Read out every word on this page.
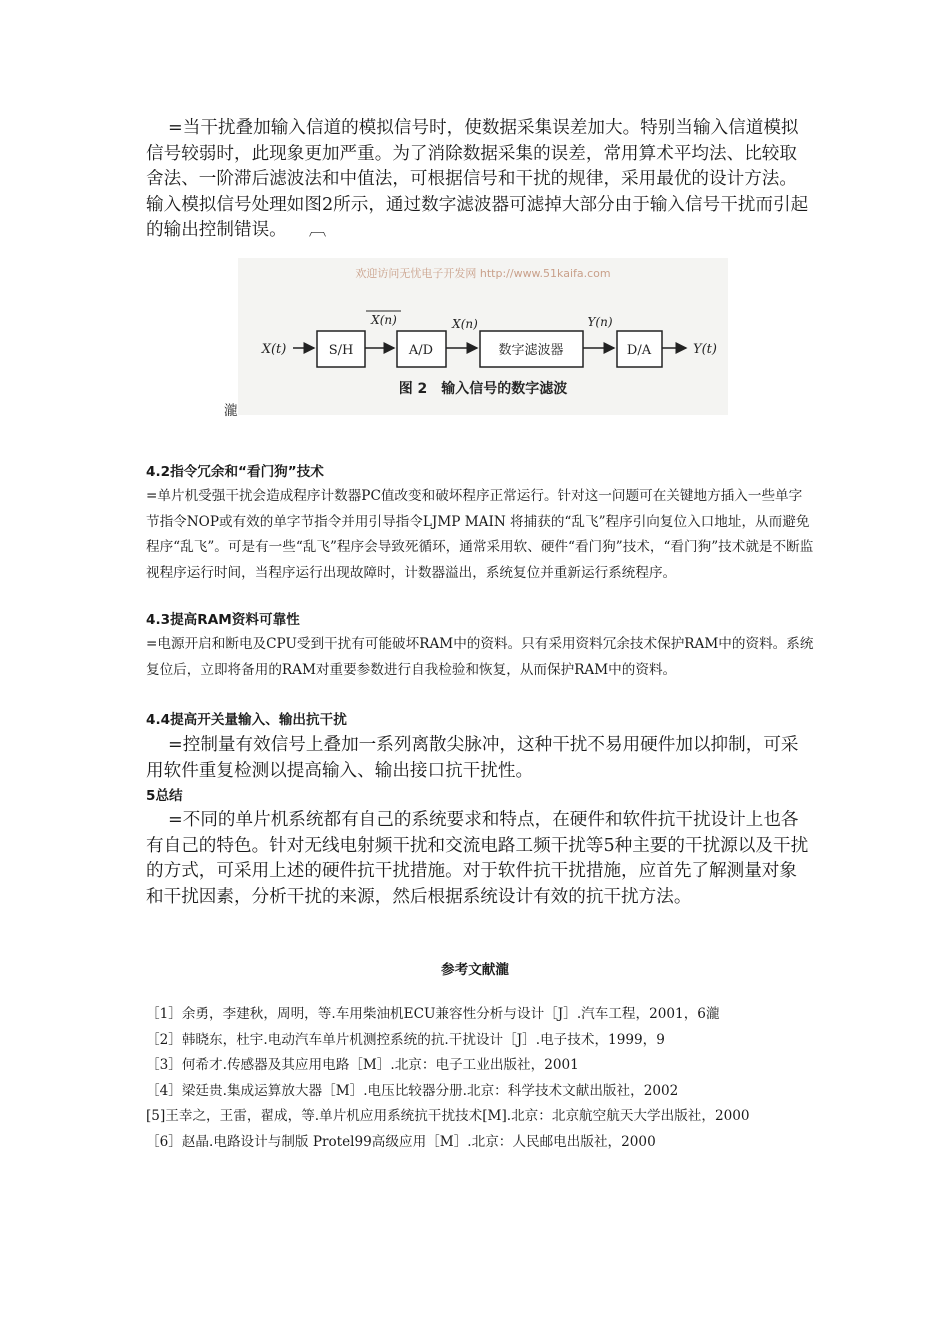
=当干扰叠加输入信道的模拟信号时，使数据采集误差加大。特别当输入信道模拟信号较弱时，此现象更加严重。为了消除数据采集的误差，常用算术平均法、比较取舍法、一阶滞后滤波法和中值法，可根据信号和干扰的规律，采用最优的设计方法。输入模拟信号处理如图2所示，通过数字滤波器可滤掉大部分由于输入信号干扰而引起的输出控制错误。 ︹

欢迎访问无忧电子开发网 http://www.51kaifa.com
X(t)	S/H
X(n)
A/D
X(n)
数字滤波器
Y(n)
D/A	Y(t)
图 2　输入信号的数字滤波
瀧
4.2指令冗余和“看门狗”技术

=单片机受强干扰会造成程序计数器PC值改变和破坏程序正常运行。针对这一问题可在关键地方插入一些单字节指令NOP或有效的单字节指令并用引导指令LJMP MAIN 将捕获的“乱飞”程序引向复位入口地址，从而避免程序“乱飞”。可是有一些“乱飞”程序会导致死循环，通常采用软、硬件“看门狗”技术，“看门狗”技术就是不断监视程序运行时间，当程序运行出现故障时，计数器溢出，系统复位并重新运行系统程序。

4.3提高RAM资料可靠性

=电源开启和断电及CPU受到干扰有可能破坏RAM中的资料。只有采用资料冗余技术保护RAM中的资料。系统复位后，立即将备用的RAM对重要参数进行自我检验和恢复，从而保护RAM中的资料。

4.4提高开关量输入、输出抗干扰

=控制量有效信号上叠加一系列离散尖脉冲，这种干扰不易用硬件加以抑制，可采用软件重复检测以提高输入、输出接口抗干扰性。

5总结

=不同的单片机系统都有自己的系统要求和特点，在硬件和软件抗干扰设计上也各有自己的特色。针对无线电射频干扰和交流电路工频干扰等5种主要的干扰源以及干扰的方式，可采用上述的硬件抗干扰措施。对于软件抗干扰措施，应首先了解测量对象和干扰因素，分析干扰的来源，然后根据系统设计有效的抗干扰方法。

参考文献瀧

［1］余勇，李建秋，周明，等.车用柴油机ECU兼容性分析与设计［J］.汽车工程，2001，6瀧

［2］韩晓东，杜宇.电动汽车单片机测控系统的抗.干扰设计［J］.电子技术，1999，9

［3］何希才.传感器及其应用电路［M］.北京：电子工业出版社，2001

［4］梁廷贵.集成运算放大器［M］.电压比较器分册.北京：科学技术文献出版社，2002

[5]王幸之，王雷，翟成，等.单片机应用系统抗干扰技术[M].北京：北京航空航天大学出版社，2000

［6］赵晶.电路设计与制版 Protel99高级应用［M］.北京：人民邮电出版社，2000
